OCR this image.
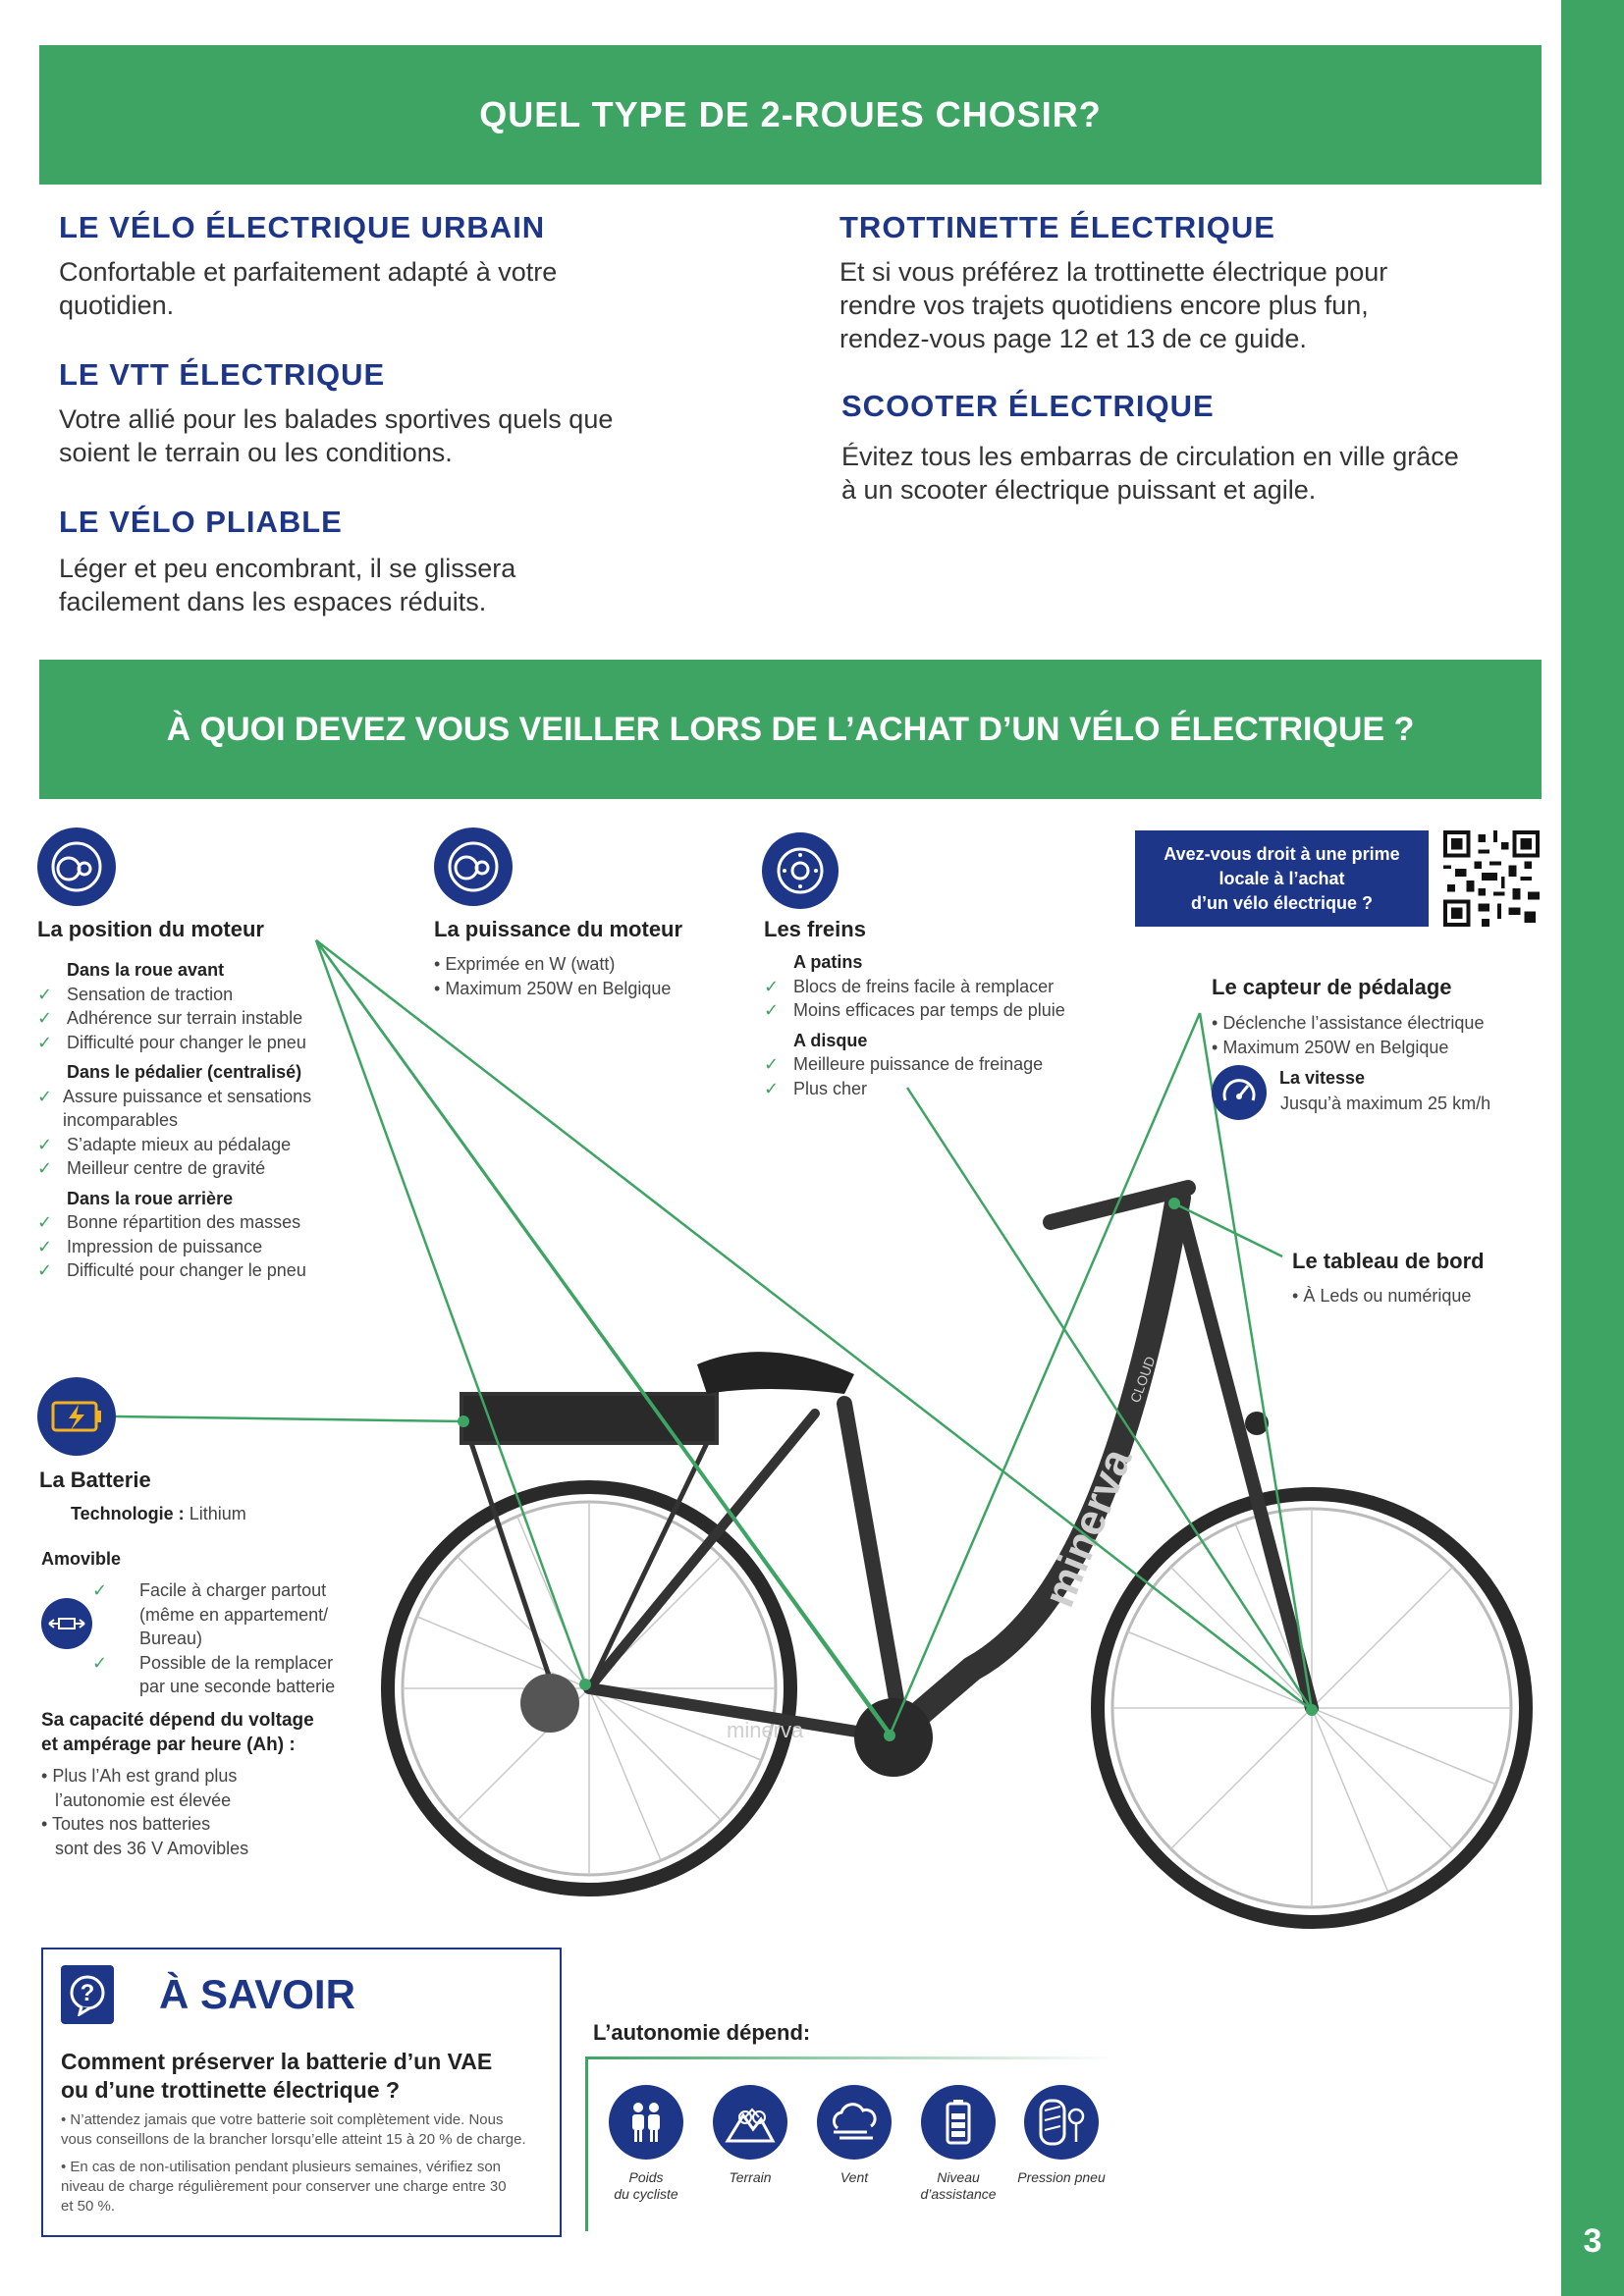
3
QUEL TYPE DE 2-ROUES CHOSIR?
LE VÉLO ÉLECTRIQUE URBAIN
Confortable et parfaitement adapté à votre
quotidien.
LE VTT ÉLECTRIQUE
Votre allié pour les balades sportives quels que
soient le terrain ou les conditions.
LE VÉLO PLIABLE
Léger et peu encombrant, il se glissera
facilement dans les espaces réduits.
TROTTINETTE ÉLECTRIQUE
Et si vous préférez la trottinette électrique pour
rendre vos trajets quotidiens encore plus fun,
rendez-vous page 12 et 13 de ce guide.
SCOOTER ÉLECTRIQUE
Évitez tous les embarras de circulation en ville grâce
à un scooter électrique puissant et agile.
À QUOI DEVEZ VOUS VEILLER LORS DE L’ACHAT D’UN VÉLO ÉLECTRIQUE ?
minerva
minerva
CLOUD
La position du moteur
Dans la roue avant
✓ Sensation de traction
✓ Adhérence sur terrain instable
✓ Difficulté pour changer le pneu
Dans le pédalier (centralisé)
✓ Assure puissance et sensations
incomparables
✓ S’adapte mieux au pédalage
✓ Meilleur centre de gravité
Dans la roue arrière
✓ Bonne répartition des masses
✓ Impression de puissance
✓ Difficulté pour changer le pneu
La puissance du moteur
• Exprimée en W (watt)
• Maximum 250W en Belgique
Les freins
A patins
✓ Blocs de freins facile à remplacer
✓ Moins efficaces par temps de pluie
A disque
✓ Meilleure puissance de freinage
✓ Plus cher
Avez-vous droit à une prime
locale à l’achat
d’un vélo électrique ?
Le capteur de pédalage
• Déclenche l’assistance électrique
• Maximum 250W en Belgique
La vitesse
Jusqu’à maximum 25 km/h
Le tableau de bord
• À Leds ou numérique
La Batterie
Technologie : Lithium
Amovible
✓ Facile à charger partout
(même en appartement/
Bureau)
✓ Possible de la remplacer
par une seconde batterie
Sa capacité dépend du voltage
et ampérage par heure (Ah) :
• Plus l’Ah est grand plus
l’autonomie est élevée
• Toutes nos batteries
sont des 36 V Amovibles
? À SAVOIR
Comment préserver la batterie d’un VAE
ou d’une trottinette électrique ?
• N’attendez jamais que votre batterie soit complètement vide. Nous
vous conseillons de la brancher lorsqu’elle atteint 15 à 20 % de charge.
• En cas de non-utilisation pendant plusieurs semaines, vérifiez son
niveau de charge régulièrement pour conserver une charge entre 30
et 50 %.
L’autonomie dépend:
Poids
du cycliste
Terrain	Vent	Niveau
d’assistance
Pression pneu
